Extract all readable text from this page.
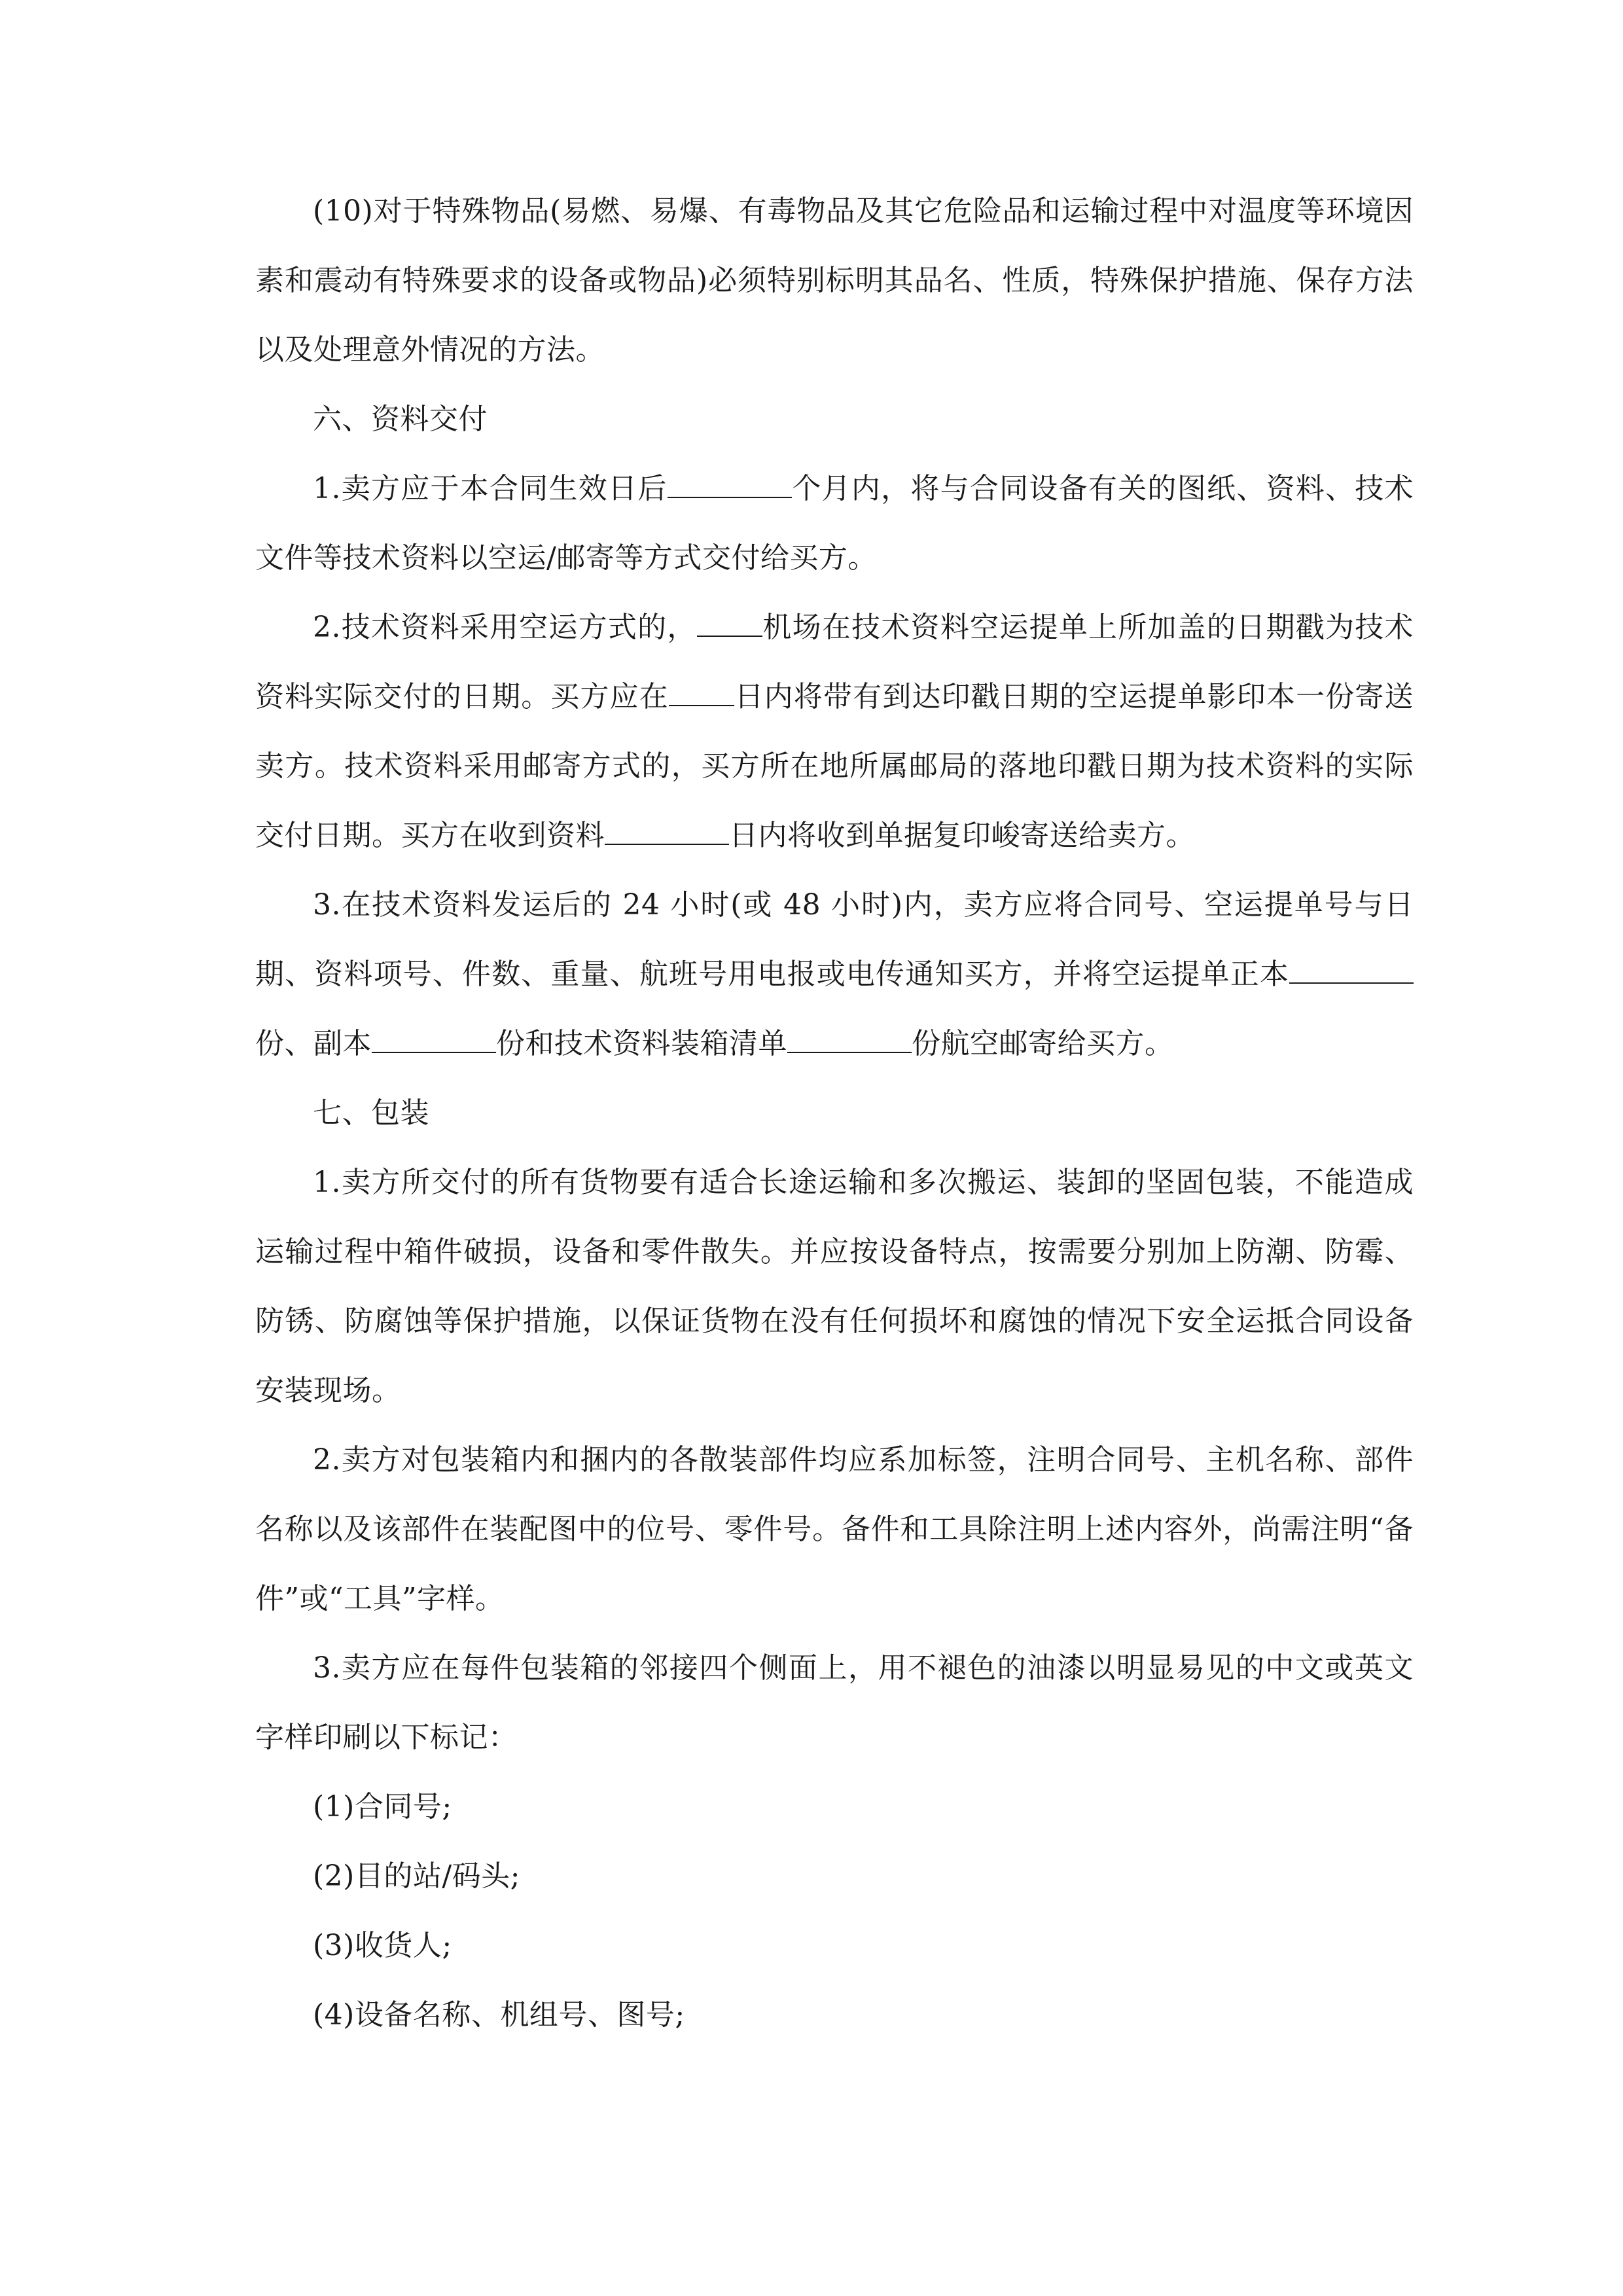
(10)对于特殊物品(易燃、易爆、有毒物品及其它危险品和运输过程中对温度等环境因素和震动有特殊要求的设备或物品)必须特别标明其品名、性质，特殊保护措施、保存方法以及处理意外情况的方法。

六、资料交付

1.卖方应于本合同生效日后	个月内，将与合同设备有关的图纸、资料、技术文件等技术资料以空运/邮寄等方式交付给买方。

2.技术资料采用空运方式的， 机场在技术资料空运提单上所加盖的日期戳为技术资料实际交付的日期。买方应在 日内将带有到达印戳日期的空运提单影印本一份寄送卖方。技术资料采用邮寄方式的，买方所在地所属邮局的落地印戳日期为技术资料的实际交付日期。买方在收到资料	日内将收到单据复印峻寄送给卖方。

3.在技术资料发运后的 24 小时(或 48 小时)内，卖方应将合同号、空运提单号与日期、资料项号、件数、重量、航班号用电报或电传通知买方，并将空运提单正本份、副本	份和技术资料装箱清单	份航空邮寄给买方。

七、包装

1.卖方所交付的所有货物要有适合长途运输和多次搬运、装卸的坚固包装，不能造成运输过程中箱件破损，设备和零件散失。并应按设备特点，按需要分别加上防潮、防霉、防锈、防腐蚀等保护措施，以保证货物在没有任何损坏和腐蚀的情况下安全运抵合同设备安装现场。

2.卖方对包装箱内和捆内的各散装部件均应系加标签，注明合同号、主机名称、部件名称以及该部件在装配图中的位号、零件号。备件和工具除注明上述内容外，尚需注明“备件”或“工具”字样。

3.卖方应在每件包装箱的邻接四个侧面上，用不褪色的油漆以明显易见的中文或英文字样印刷以下标记：

(1)合同号;

(2)目的站/码头;

(3)收货人;

(4)设备名称、机组号、图号;
